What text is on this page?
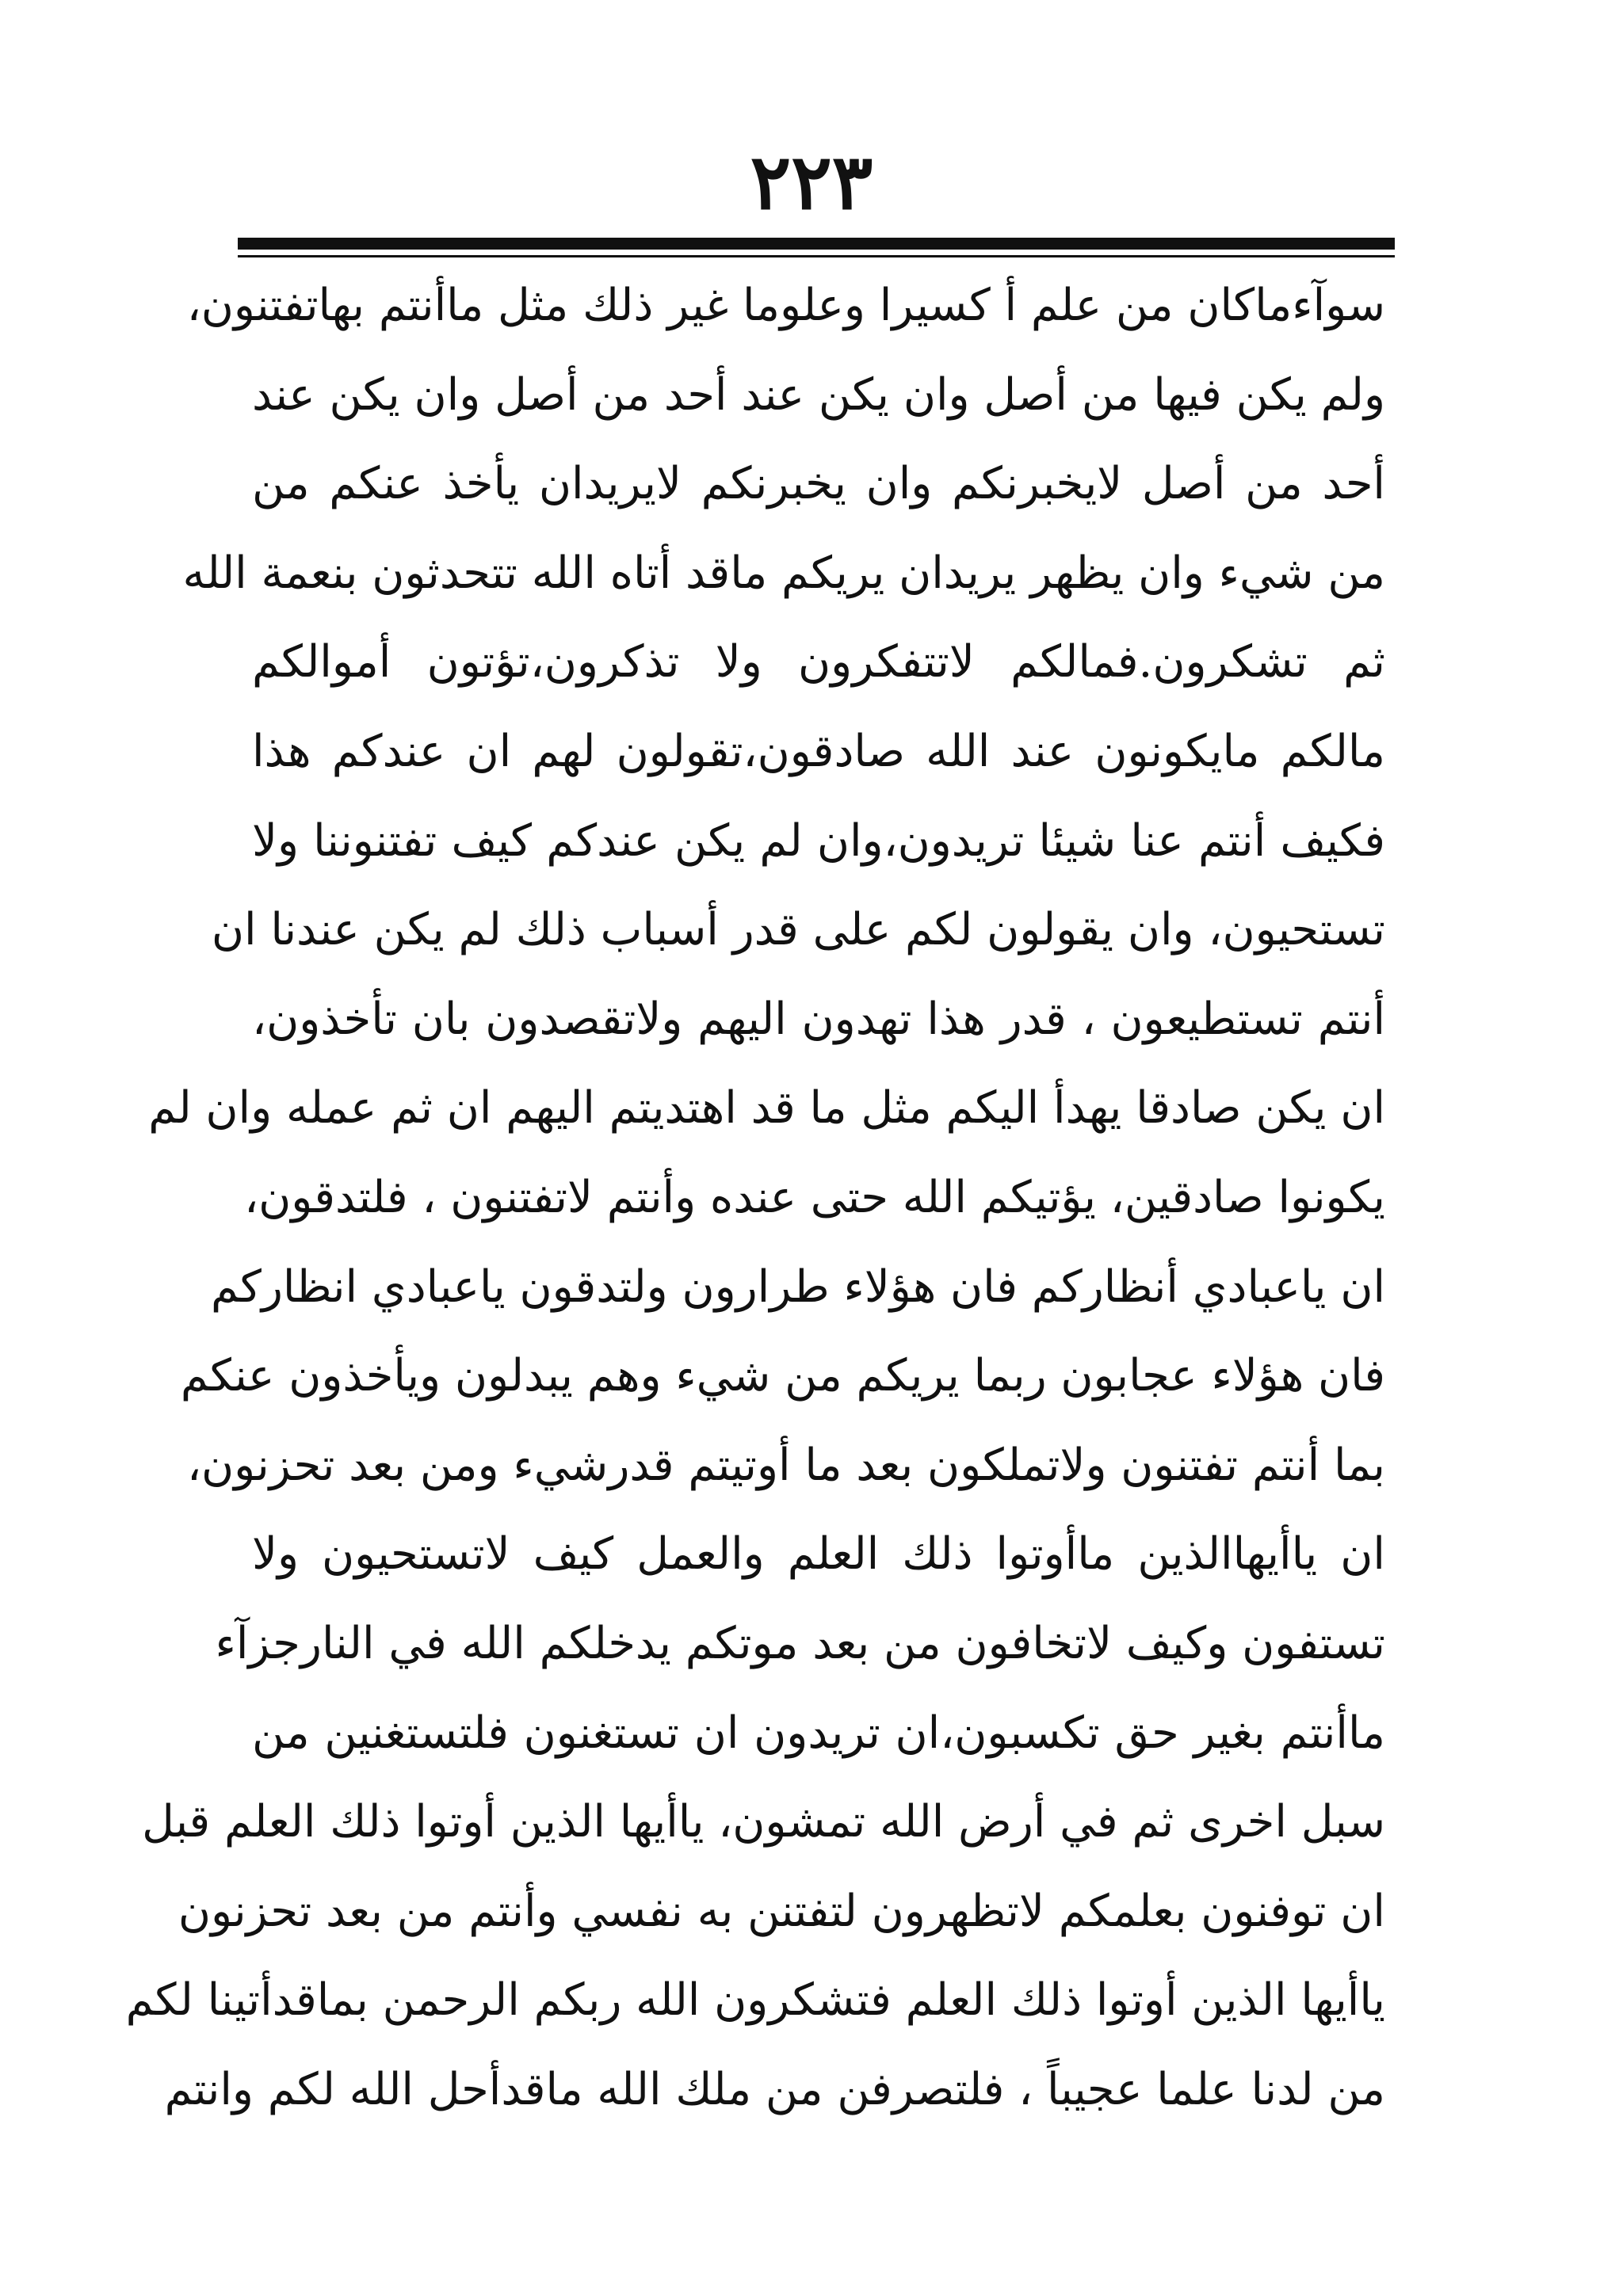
٢٢٣
سوآءماكان من علم أ كسيرا وعلوما غير ذلك مثل ماأنتم بهاتفتنون،
ولم يكن فيها من أصل وان يكن عند أحد من أصل وان يكن عند
أحد من أصل لايخبرنكم وان يخبرنكم لايريدان يأخذ عنكم من
من شيء وان يظهر يريدان يريكم ماقد أتاه الله تتحدثون بنعمة الله
ثم تشكرون.فمالكم لاتتفكرون ولا تذكرون،تؤتون أموالكم
مالكم مايكونون عند الله صادقون،تقولون لهم ان عندكم هذا
فكيف أنتم عنا شيئا تريدون،وان لم يكن عندكم كيف تفتنوننا ولا
تستحيون، وان يقولون لكم على قدر أسباب ذلك لم يكن عندنا ان
أنتم تستطيعون ، قدر هذا تهدون اليهم ولاتقصدون بان تأخذون،
ان يكن صادقا يهدأ اليكم مثل ما قد اهتديتم اليهم ان ثم عمله وان لم
يكونوا صادقين، يؤتيكم الله حتى عنده وأنتم لاتفتنون ، فلتدقون،
ان ياعبادي أنظاركم فان هؤلاء طرارون ولتدقون ياعبادي انظاركم
فان هؤلاء عجابون ربما يريكم من شيء وهم يبدلون ويأخذون عنكم
بما أنتم تفتنون ولاتملكون بعد ما أوتيتم قدرشيء ومن بعد تحزنون،
ان ياأيهاالذين ماأوتوا ذلك العلم والعمل كيف لاتستحيون ولا
تستفون وكيف لاتخافون من بعد موتكم يدخلكم الله في النارجزآء
ماأنتم بغير حق تكسبون،ان تريدون ان تستغنون فلتستغنين من
سبل اخرى ثم في أرض الله تمشون، ياأيها الذين أوتوا ذلك العلم قبل
ان توفنون بعلمكم لاتظهرون لتفتنن به نفسي وأنتم من بعد تحزنون
ياأيها الذين أوتوا ذلك العلم فتشكرون الله ربكم الرحمن بماقدأتينا لكم
من لدنا علما عجيباً ، فلتصرفن من ملك الله ماقدأحل الله لكم وانتم
